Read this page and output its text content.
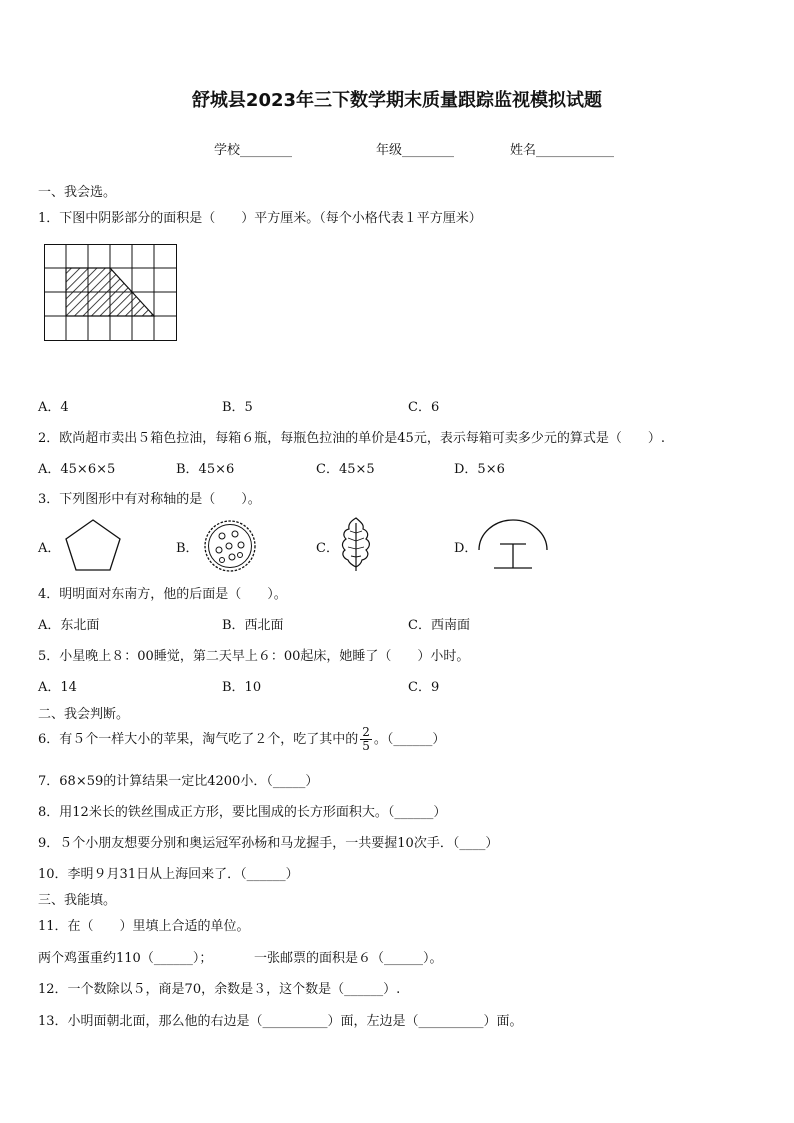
舒城县2023年三下数学期末质量跟踪监视模拟试题
学校________	年级________	姓名____________
一、我会选。
1．下图中阴影部分的面积是（　　）平方厘米。（每个小格代表１平方厘米）
A．4	B．5	C．6
2．欧尚超市卖出５箱色拉油，每箱６瓶，每瓶色拉油的单价是45元，表示每箱可卖多少元的算式是（　　）.
A．45×6×5	B．45×6	C．45×5	D．5×6
3．下列图形中有对称轴的是（　　）。
A．	B．	C．	D．
4．明明面对东南方，他的后面是（　　）。
A．东北面	B．西北面	C．西南面
5．小星晚上８：00睡觉，第二天早上６：00起床，她睡了（　　）小时。
A．14	B．10	C．9
二、我会判断。
6．有５个一样大小的苹果，淘气吃了２个，吃了其中的 $\frac{2}{5}$ 。（______）
7．68×59的计算结果一定比4200小．（_____）
8．用12米长的铁丝围成正方形，要比围成的长方形面积大。（______）
9．５个小朋友想要分别和奥运冠军孙杨和马龙握手，一共要握10次手．（____）
10．李明９月31日从上海回来了．（______）
三、我能填。
11．在（　　）里填上合适的单位。
两个鸡蛋重约110（______）；	一张邮票的面积是６（______）。
12．一个数除以５，商是70，余数是３，这个数是（______）.
13．小明面朝北面，那么他的右边是（__________）面，左边是（__________）面。
